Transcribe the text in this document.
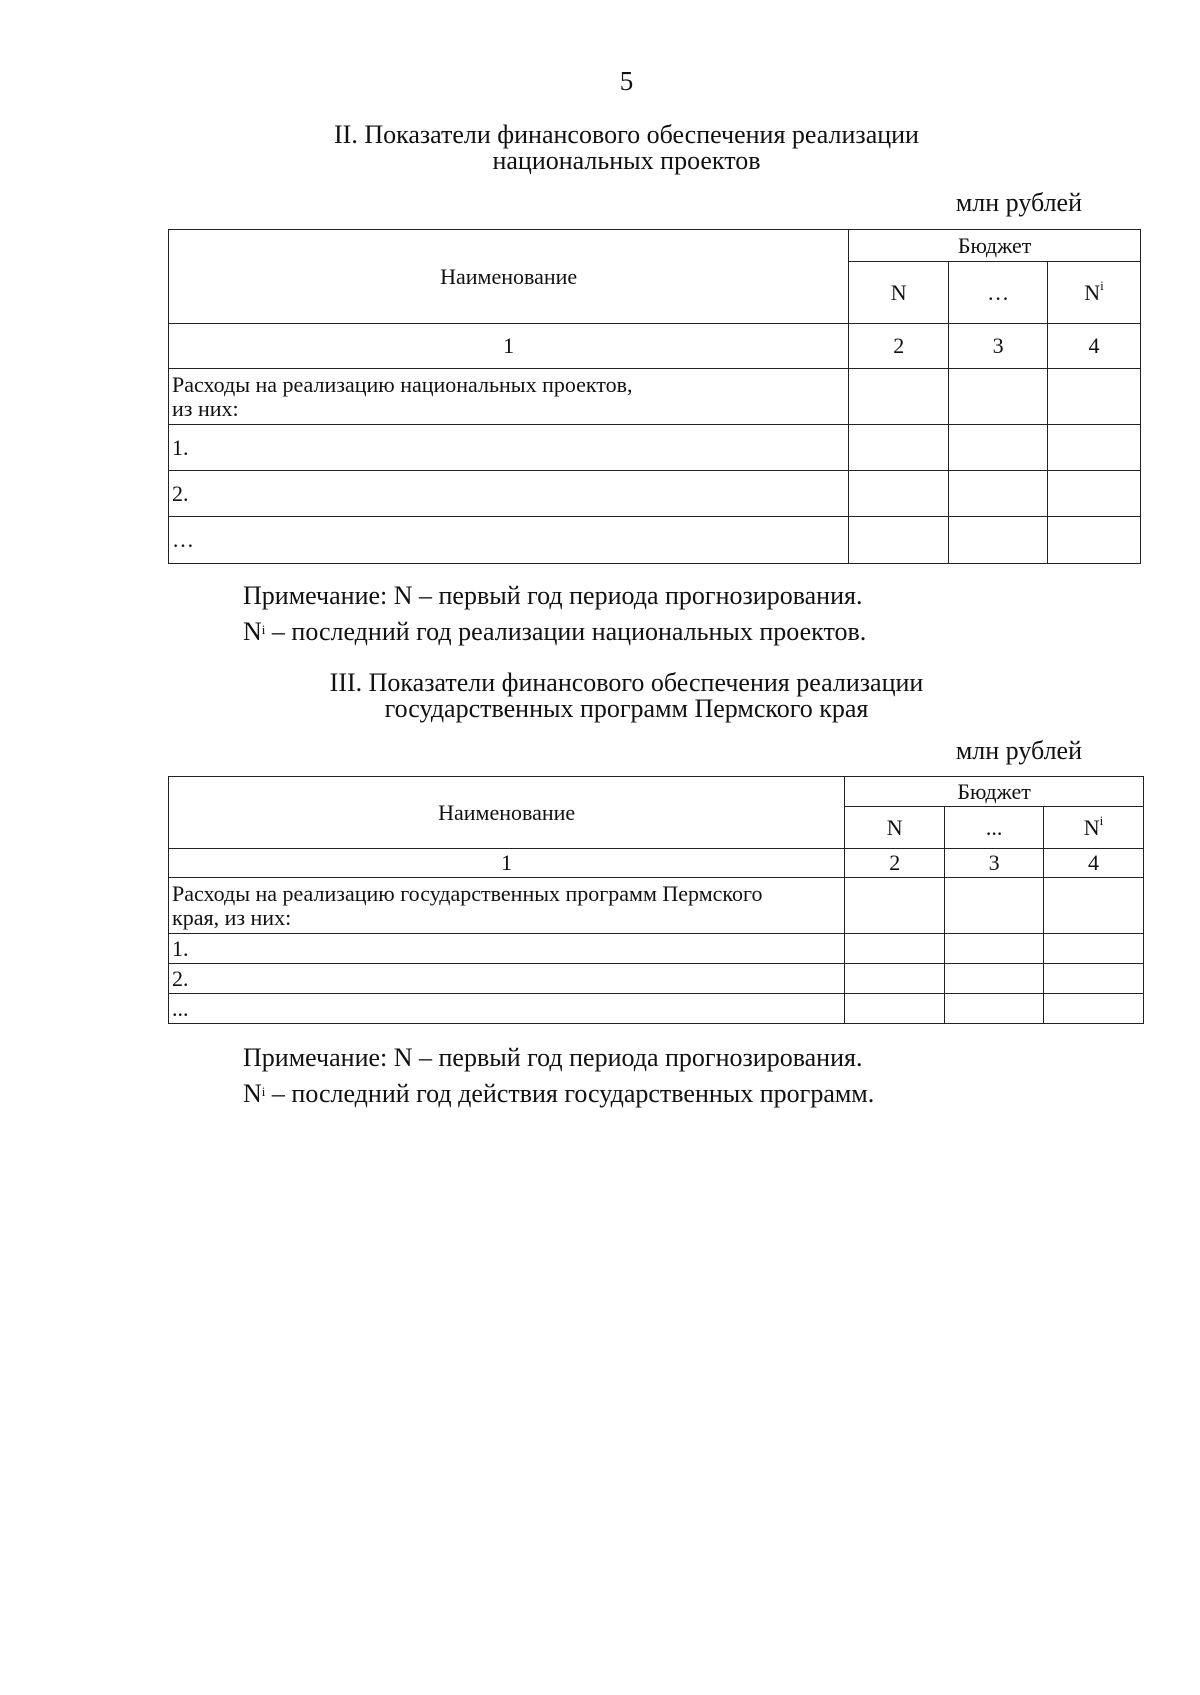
5
II. Показатели финансового обеспечения реализации
национальных проектов
млн рублей
Наименование	Бюджет		
	N	…	$N^i$
1	2	3	4
Расходы на реализацию национальных проектов,
из них:			
1.			
2.			
…			
Примечание: N – первый год периода прогнозирования.
$N^i$ – последний год реализации национальных проектов.
III. Показатели финансового обеспечения реализации
государственных программ Пермского края
млн рублей
Наименование	Бюджет		
	N	...	$N^i$
1	2	3	4
Расходы на реализацию государственных программ Пермского
края, из них:			
1.			
2.			
...			
Примечание: N – первый год периода прогнозирования.
$N^i$ – последний год действия государственных программ.
